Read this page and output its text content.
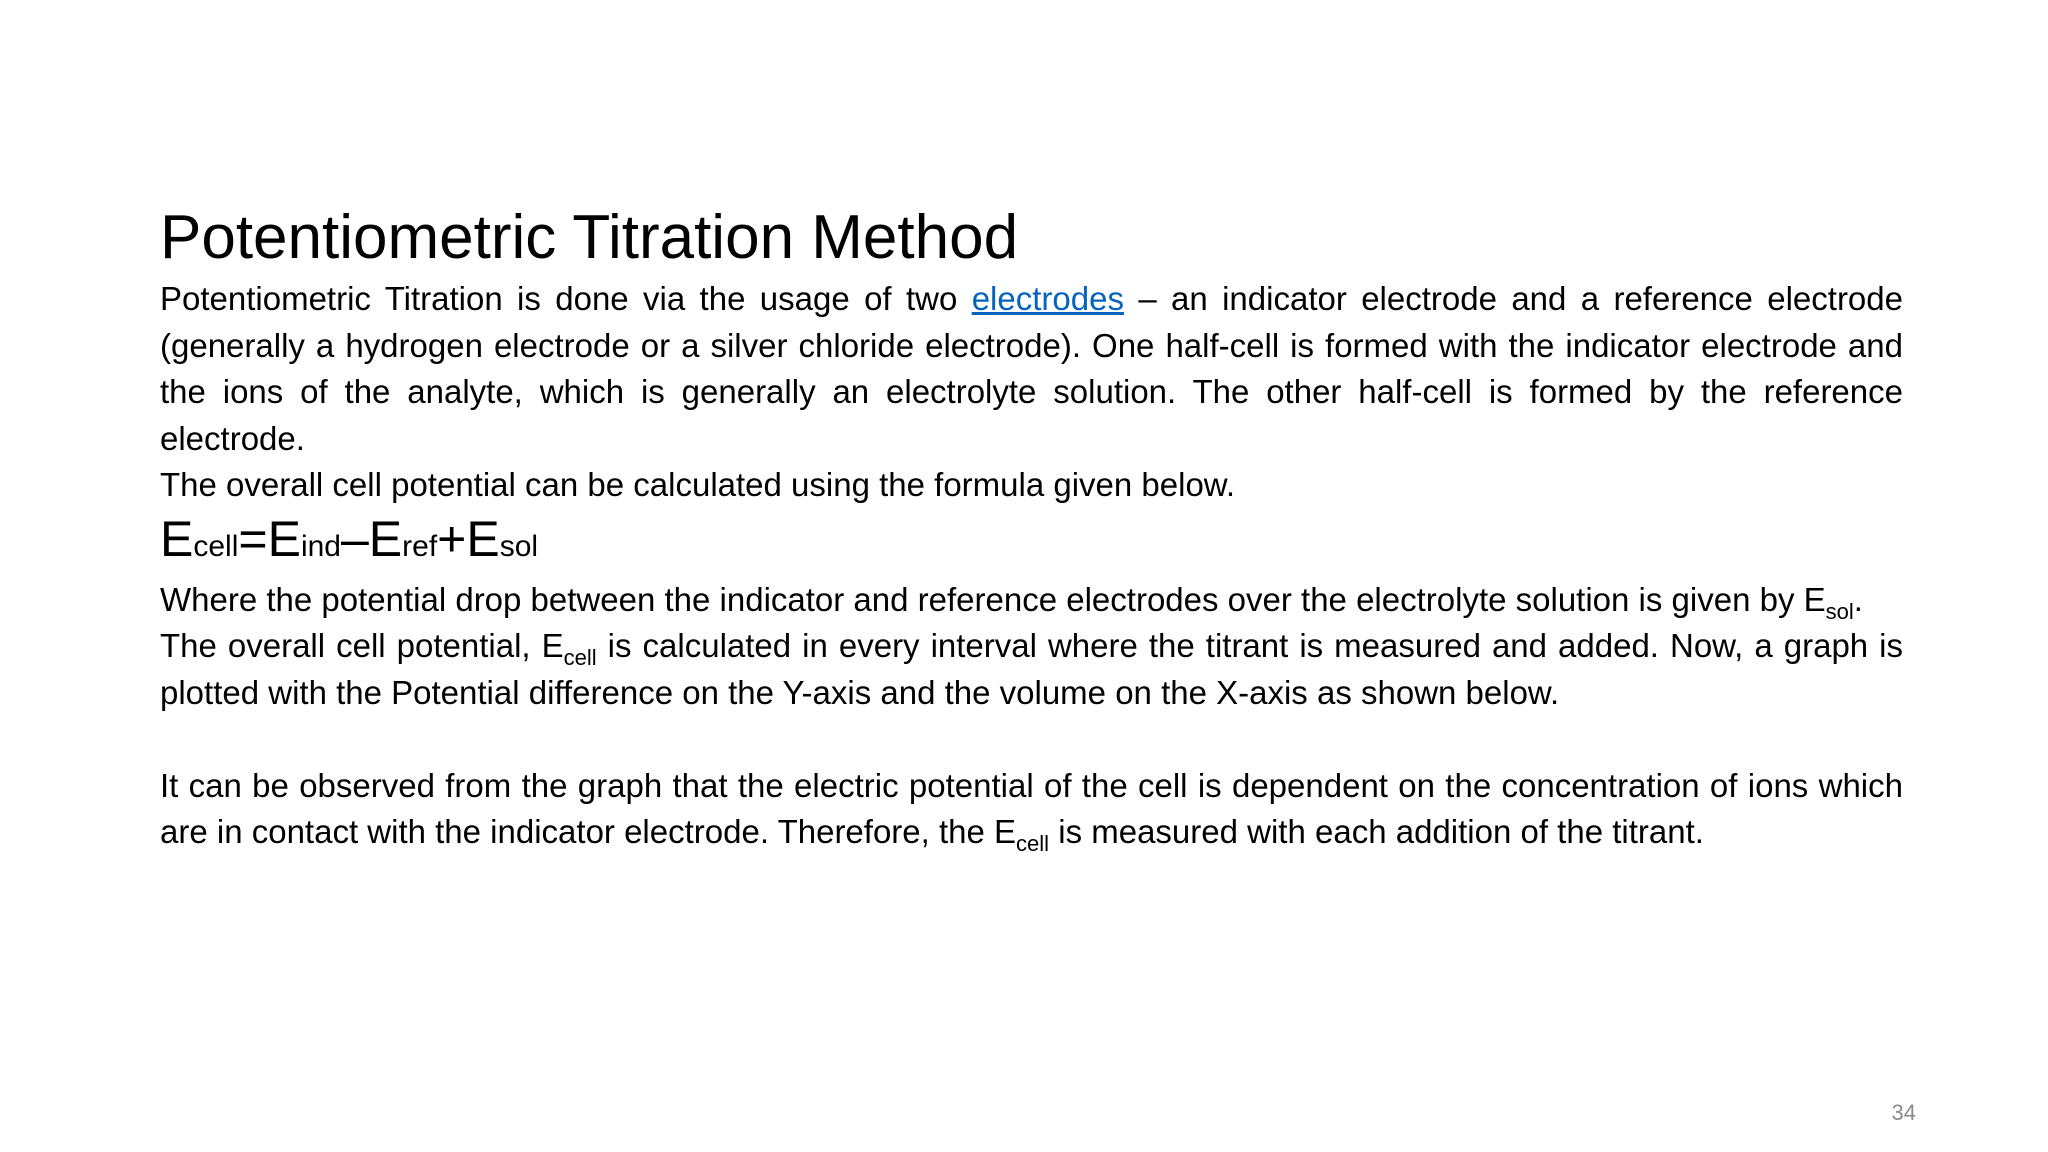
Potentiometric Titration Method

Potentiometric Titration is done via the usage of two electrodes – an indicator electrode and a reference electrode (generally a hydrogen electrode or a silver chloride electrode). One half-cell is formed with the indicator electrode and the ions of the analyte, which is generally an electrolyte solution. The other half-cell is formed by the reference electrode.

The overall cell potential can be calculated using the formula given below.

Ecell=Eind–Eref+Esol

Where the potential drop between the indicator and reference electrodes over the electrolyte solution is given by $E_{sol}$.

The overall cell potential, $E_{cell}$ is calculated in every interval where the titrant is measured and added. Now, a graph is plotted with the Potential difference on the Y-axis and the volume on the X-axis as shown below.

It can be observed from the graph that the electric potential of the cell is dependent on the concentration of ions which are in contact with the indicator electrode. Therefore, the $E_{cell}$ is measured with each addition of the titrant.

34
